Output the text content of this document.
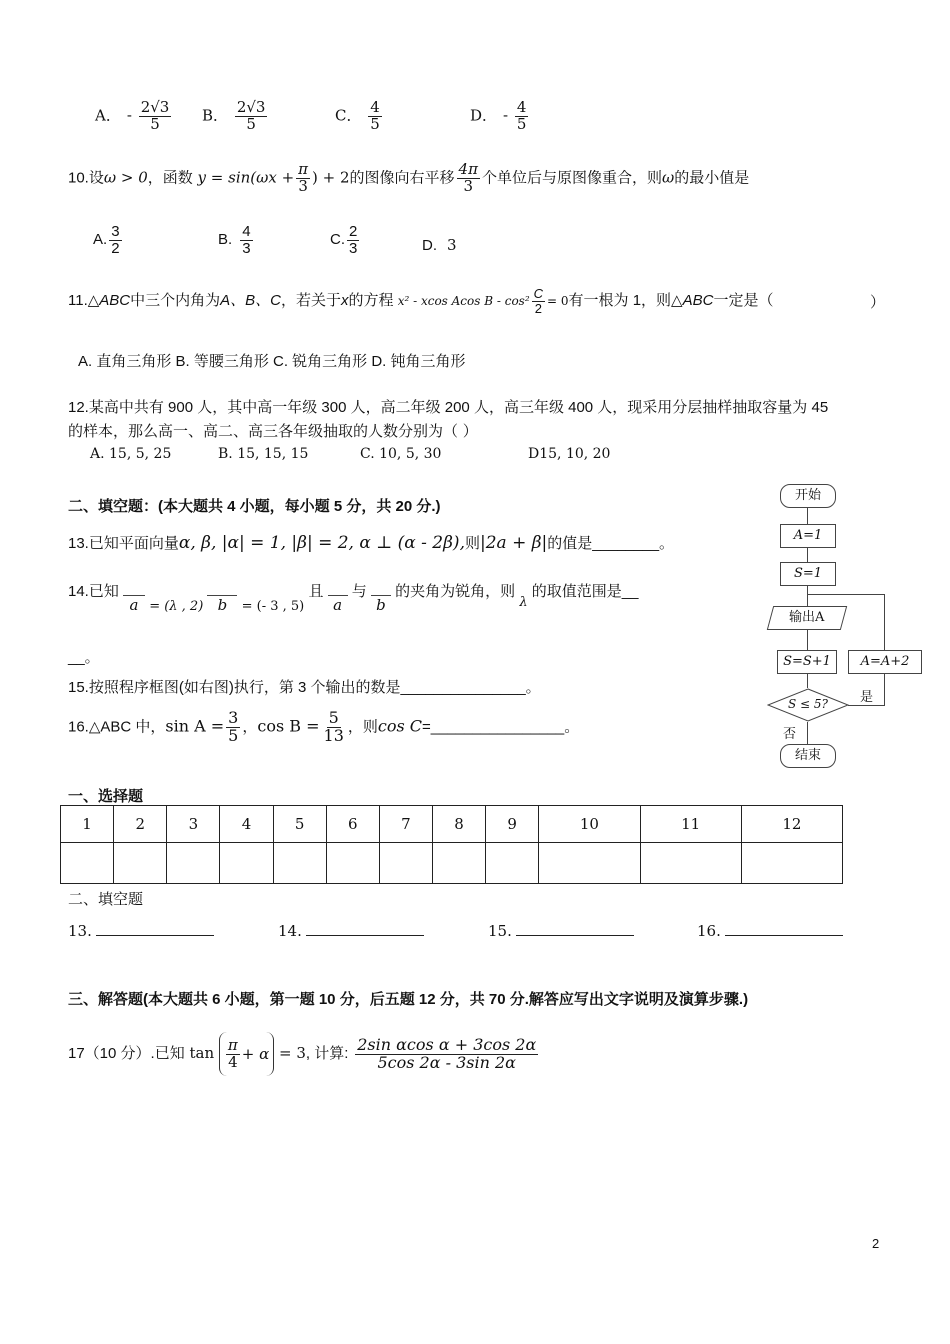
A． - $\frac{2√3}{5}$ B． $\frac{2√3}{5}$	C． $\frac{4}{5}$	D． - $\frac{4}{5}$
10.设ω > 0，函数 $y = \sin(\omega x + \frac{\pi}{3}$ ) + 2的图像向右平移 $\frac{4\pi}{3}$ 个单位后与原图像重合，则ω的最小值是
A. $\frac{3}{2}$	B. $\frac{4}{3}$	C. $\frac{2}{3}$	D. 3
11.△ABC中三个内角为A、B、C，若关于x的方程 x² - xcos Acos $B - \cos^2 \frac{C}{2} = 0$有一根为 1，则△ABC一定是（	）
A. 直角三角形 B. 等腰三角形 C. 锐角三角形 D. 钝角三角形
12.某高中共有 900 人，其中高一年级 300 人，高二年级 200 人，高三年级 400 人，现采用分层抽样抽取容量为 45
的样本，那么高一、高二、高三各年级抽取的人数分别为（ ）
A. 15, 5, 25	B. 15, 15, 15	C. 10, 5, 30	D15, 10, 20
二、填空题：(本大题共 4 小题，每小题 5 分，共 20 分.)
13.已知平面向量α, β, |α| = 1, |β| = 2, α ⊥ (α - 2β),则|2a + β|的值是________。
14.已知 a = (λ , 2) b = (- 3 , 5) 且 a 与 b 的夹角为锐角，则 λ 的取值范围是__
__。
15.按照程序框图(如右图)执行，第 3 个输出的数是_______________。
16.△ABC 中，$\sin A = \frac{3}{5}$ ，$\cos B = \frac{5}{13}$ ，则cos C=________________。
开始
A=1
S=1
输出A
S=S+1	A=A+2
S ≤ 5?	是
否
结束
一、选择题
1	2	3	4	5	6	7	8	9	10	11	12

二、填空题
13.	14.	15.	16.
三、解答题(本大题共 6 小题，第一题 10 分，后五题 12 分，共 70 分.解答应写出文字说明及演算步骤.)
17（10 分）.已知 $\tan \frac{\pi}{4} + \alpha = 3$, 计算: $\frac{\text{2sin αcos α + 3cos 2α}}{5\cos 2\alpha - 3\sin 2\alpha}$
2
